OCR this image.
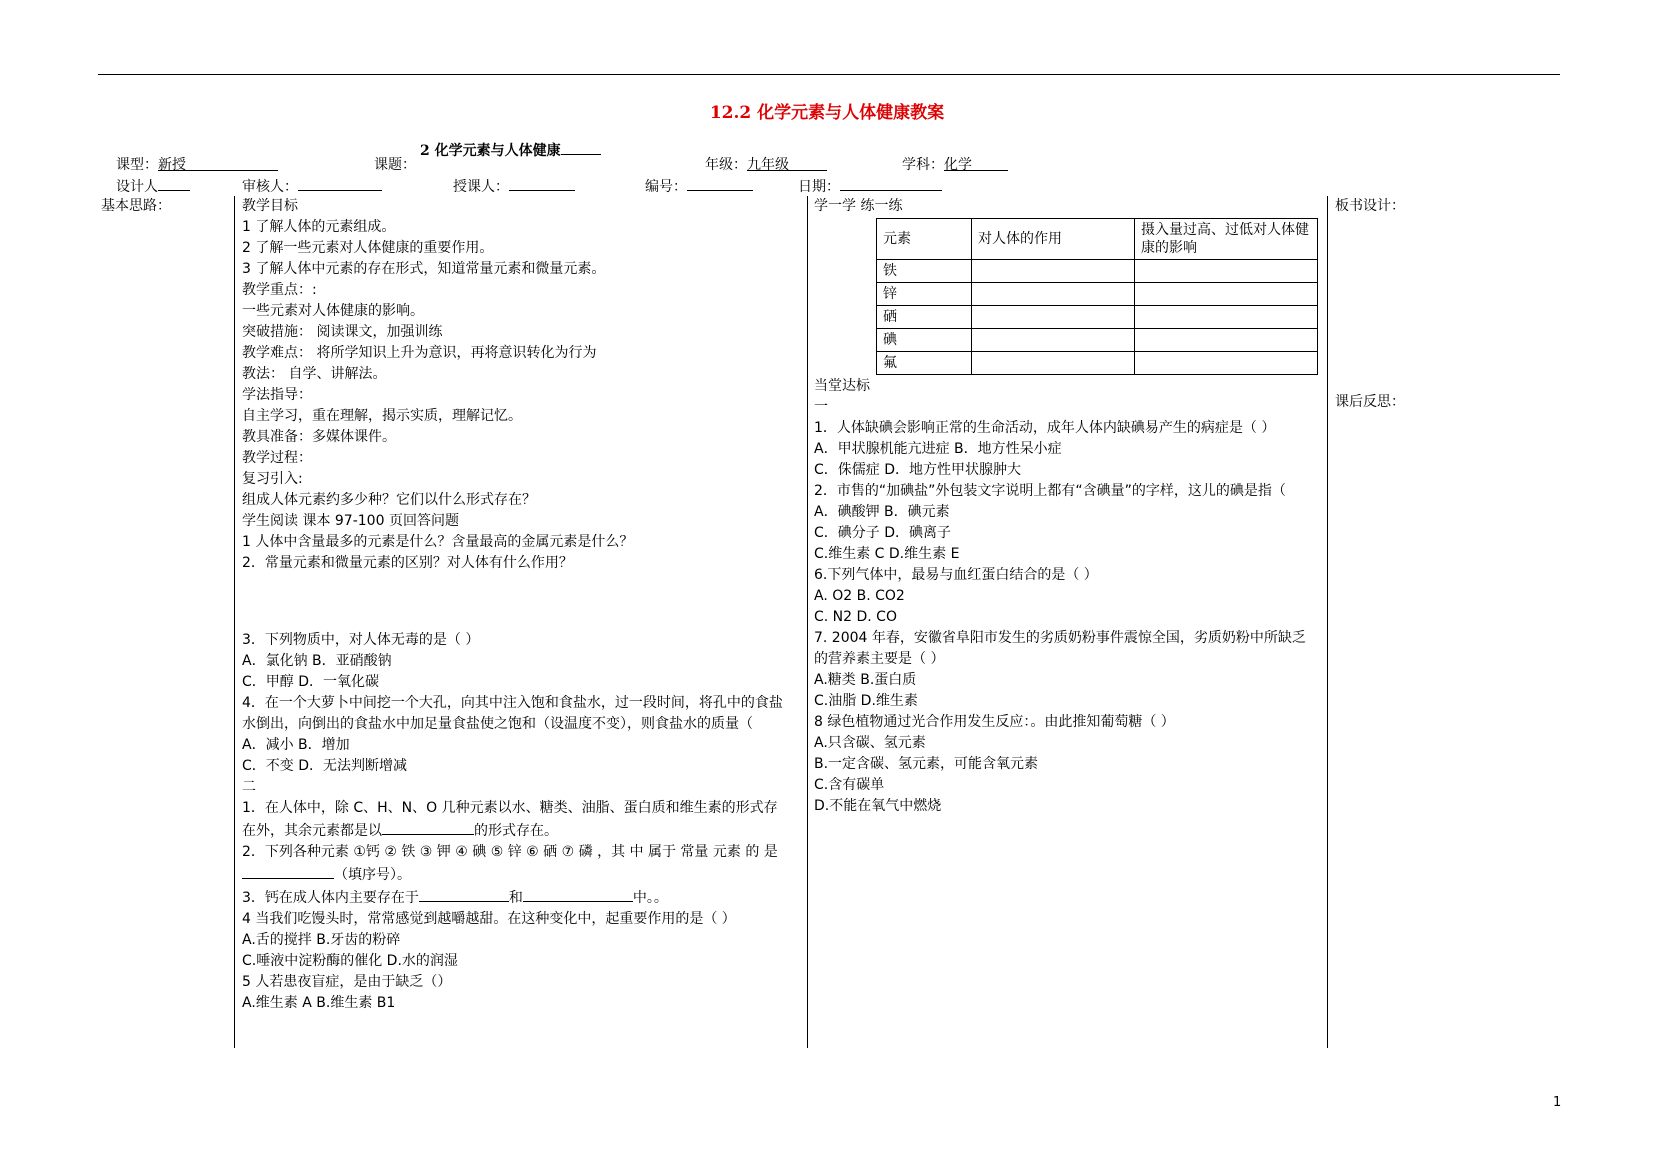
12.2 化学元素与人体健康教案
2 化学元素与人体健康
课型：新授	课题：	年级：九年级	学科：化学
设计人	审核人：	授课人：	编号：	日期：
基本思路：	教学目标
1 了解人体的元素组成。
2 了解一些元素对人体健康的重要作用。
3 了解人体中元素的存在形式，知道常量元素和微量元素。
教学重点：:
一些元素对人体健康的影响。
突破措施： 阅读课文，加强训练
教学难点： 将所学知识上升为意识，再将意识转化为行为
教法： 自学、讲解法。
学法指导：
自主学习，重在理解，揭示实质，理解记忆。
教具准备：多媒体课件。
教学过程：
复习引入:
组成人体元素约多少种？它们以什么形式存在？
学生阅读 课本 97-100 页回答问题
1 人体中含量最多的元素是什么？含量最高的金属元素是什么？
2．常量元素和微量元素的区别？对人体有什么作用？
3．下列物质中，对人体无毒的是（ ）
A．氯化钠 B．亚硝酸钠
C．甲醇 D．一氧化碳
4．在一个大萝卜中间挖一个大孔，向其中注入饱和食盐水，过一段时间，将孔中的食盐
水倒出，向倒出的食盐水中加足量食盐使之饱和（设温度不变），则食盐水的质量（
A．减小 B．增加
C．不变 D．无法判断增减
二
1．在人体中，除 C、H、N、O 几种元素以水、糖类、油脂、蛋白质和维生素的形式存
在外，其余元素都是以	的形式存在。
2．下列各种元素 ①钙 ② 铁 ③ 钾 ④ 碘 ⑤ 锌 ⑥ 硒 ⑦ 磷 ，其 中 属于 常量 元素 的 是
（填序号）。
3．钙在成人体内主要存在于	和	中。。
4 当我们吃馒头时，常常感觉到越嚼越甜。在这种变化中，起重要作用的是（ ）
A.舌的搅拌 B.牙齿的粉碎
C.唾液中淀粉酶的催化 D.水的润湿
5 人若患夜盲症，是由于缺乏（）
A.维生素 A B.维生素 B1
学一学 练一练
元素	对人体的作用	摄入量过高、过低对人体健康的影响
铁		
锌		
硒		
碘		
氟		
当堂达标
一
1．人体缺碘会影响正常的生命活动，成年人体内缺碘易产生的病症是（ ）
A．甲状腺机能亢进症 B．地方性呆小症
C．侏儒症 D．地方性甲状腺肿大
2．市售的“加碘盐”外包装文字说明上都有“含碘量”的字样，这儿的碘是指（
A．碘酸钾 B．碘元素
C．碘分子 D．碘离子
C.维生素 C D.维生素 E
6.下列气体中，最易与血红蛋白结合的是（ ）
A. O2 B. CO2
C. N2 D. CO
7. 2004 年春，安徽省阜阳市发生的劣质奶粉事件震惊全国，劣质奶粉中所缺乏
的营养素主要是（ ）
A.糖类 B.蛋白质
C.油脂 D.维生素
8 绿色植物通过光合作用发生反应：。由此推知葡萄糖（ ）
A.只含碳、氢元素
B.一定含碳、氢元素，可能含氧元素
C.含有碳单
D.不能在氧气中燃烧
板书设计：
课后反思：
1
